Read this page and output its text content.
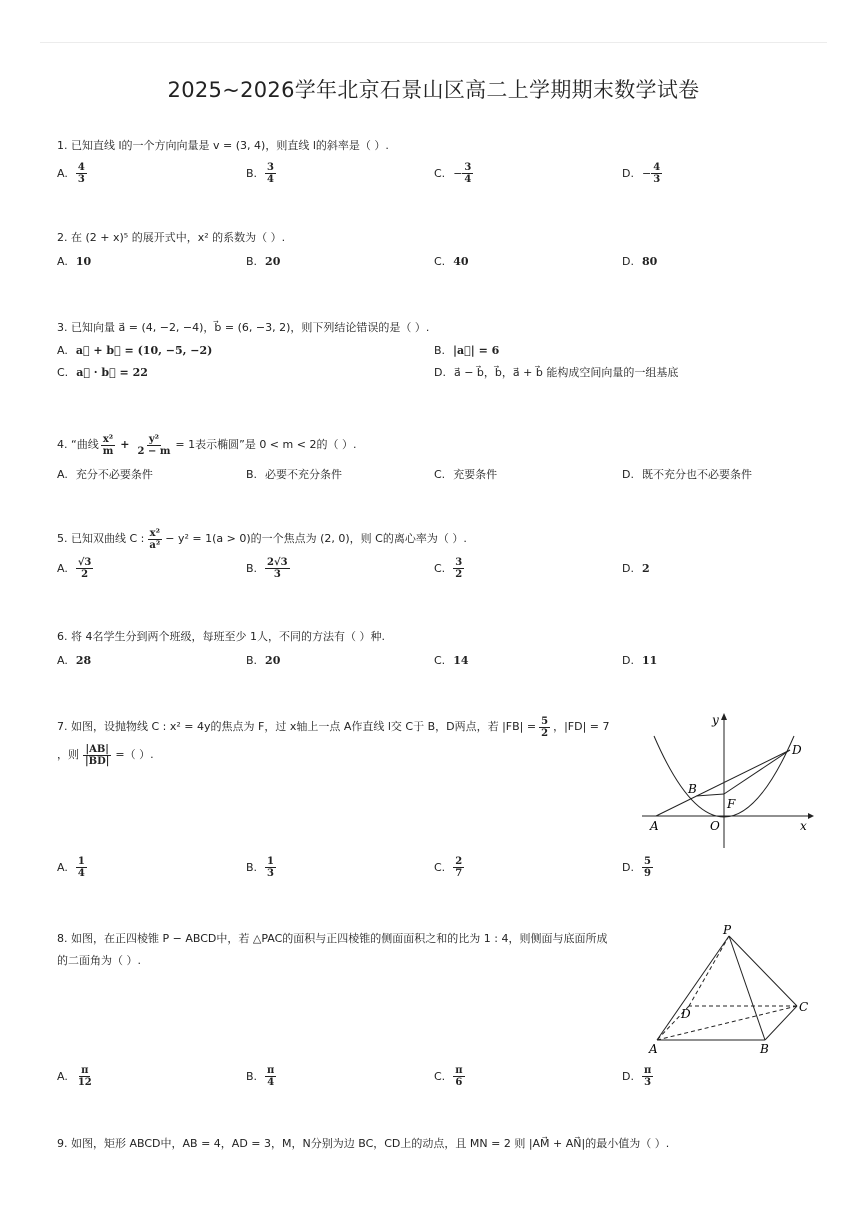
2025~2026学年北京石景山区高二上学期期末数学试卷
1. 已知直线 l的一个方向向量是 v = (3, 4)，则直线 l的斜率是（ ）.
A. $\frac{4}{3}$	B. $\frac{3}{4}$	C. − $\frac{3}{4}$	D. − $\frac{4}{3}$
2. 在 (2 + x)⁵ 的展开式中，x² 的系数为（ ）.
A. 10	B. 20	C. 40	D. 80
3. 已知向量 a⃗ = (4, −2, −4)，b⃗ = (6, −3, 2)，则下列结论错误的是（ ）.
A. a⃗ + b⃗ = (10, −5, −2)	B. |a⃗| = 6
C. a⃗ · b⃗ = 22	D. a⃗ − b⃗，b⃗，a⃗ + b⃗ 能构成空间向量的一组基底
4. “曲线 $\frac{\text{x²}}{m} + \frac{\text{y²}}{2 - m} = 1$表示椭圆”是 0 < m < 2的（ ）.
A. 充分不必要条件	B. 必要不充分条件	C. 充要条件	D. 既不充分也不必要条件
5. 已知双曲线 C : $\frac{\text{x²}}{\text{a²}} - y^2 = 1(a > 0)$的一个焦点为 (2, 0)，则 C的离心率为（ ）.
A. $\frac{√3}{2}$	B. $\frac{2√3}{3}$	C. $\frac{3}{2}$	D. 2
6. 将 4名学生分到两个班级，每班至少 1人，不同的方法有（ ）种.
A. 28	B. 20	C. 14	D. 11
7. 如图，设抛物线 C : x² = 4y的焦点为 F，过 x轴上一点 A作直线 l交 C于 B，D两点，若 $|FB| = \frac{5}{2}$ ，|FD| = 7
，则 $\frac{|AB|}{|BD|}$ =（ ）.
y
x
D
B
F
A	O
A. $\frac{1}{4}$	B. $\frac{1}{3}$	C. $\frac{2}{7}$	D. $\frac{5}{9}$
8. 如图，在正四棱锥 P − ABCD中，若 △PAC的面积与正四棱锥的侧面面积之和的比为 1 : 4，则侧面与底面所成
的二面角为（ ）.
P
C
D
A	B
A. $\frac{\pi}{12}$	B. $\frac{\pi}{4}$	C. $\frac{\pi}{6}$	D. $\frac{\pi}{3}$
9. 如图，矩形 ABCD中，AB = 4，AD = 3，M，N分别为边 BC，CD上的动点，且 MN = 2 则 |AM⃗ + AN⃗|的最小值为（ ）.
